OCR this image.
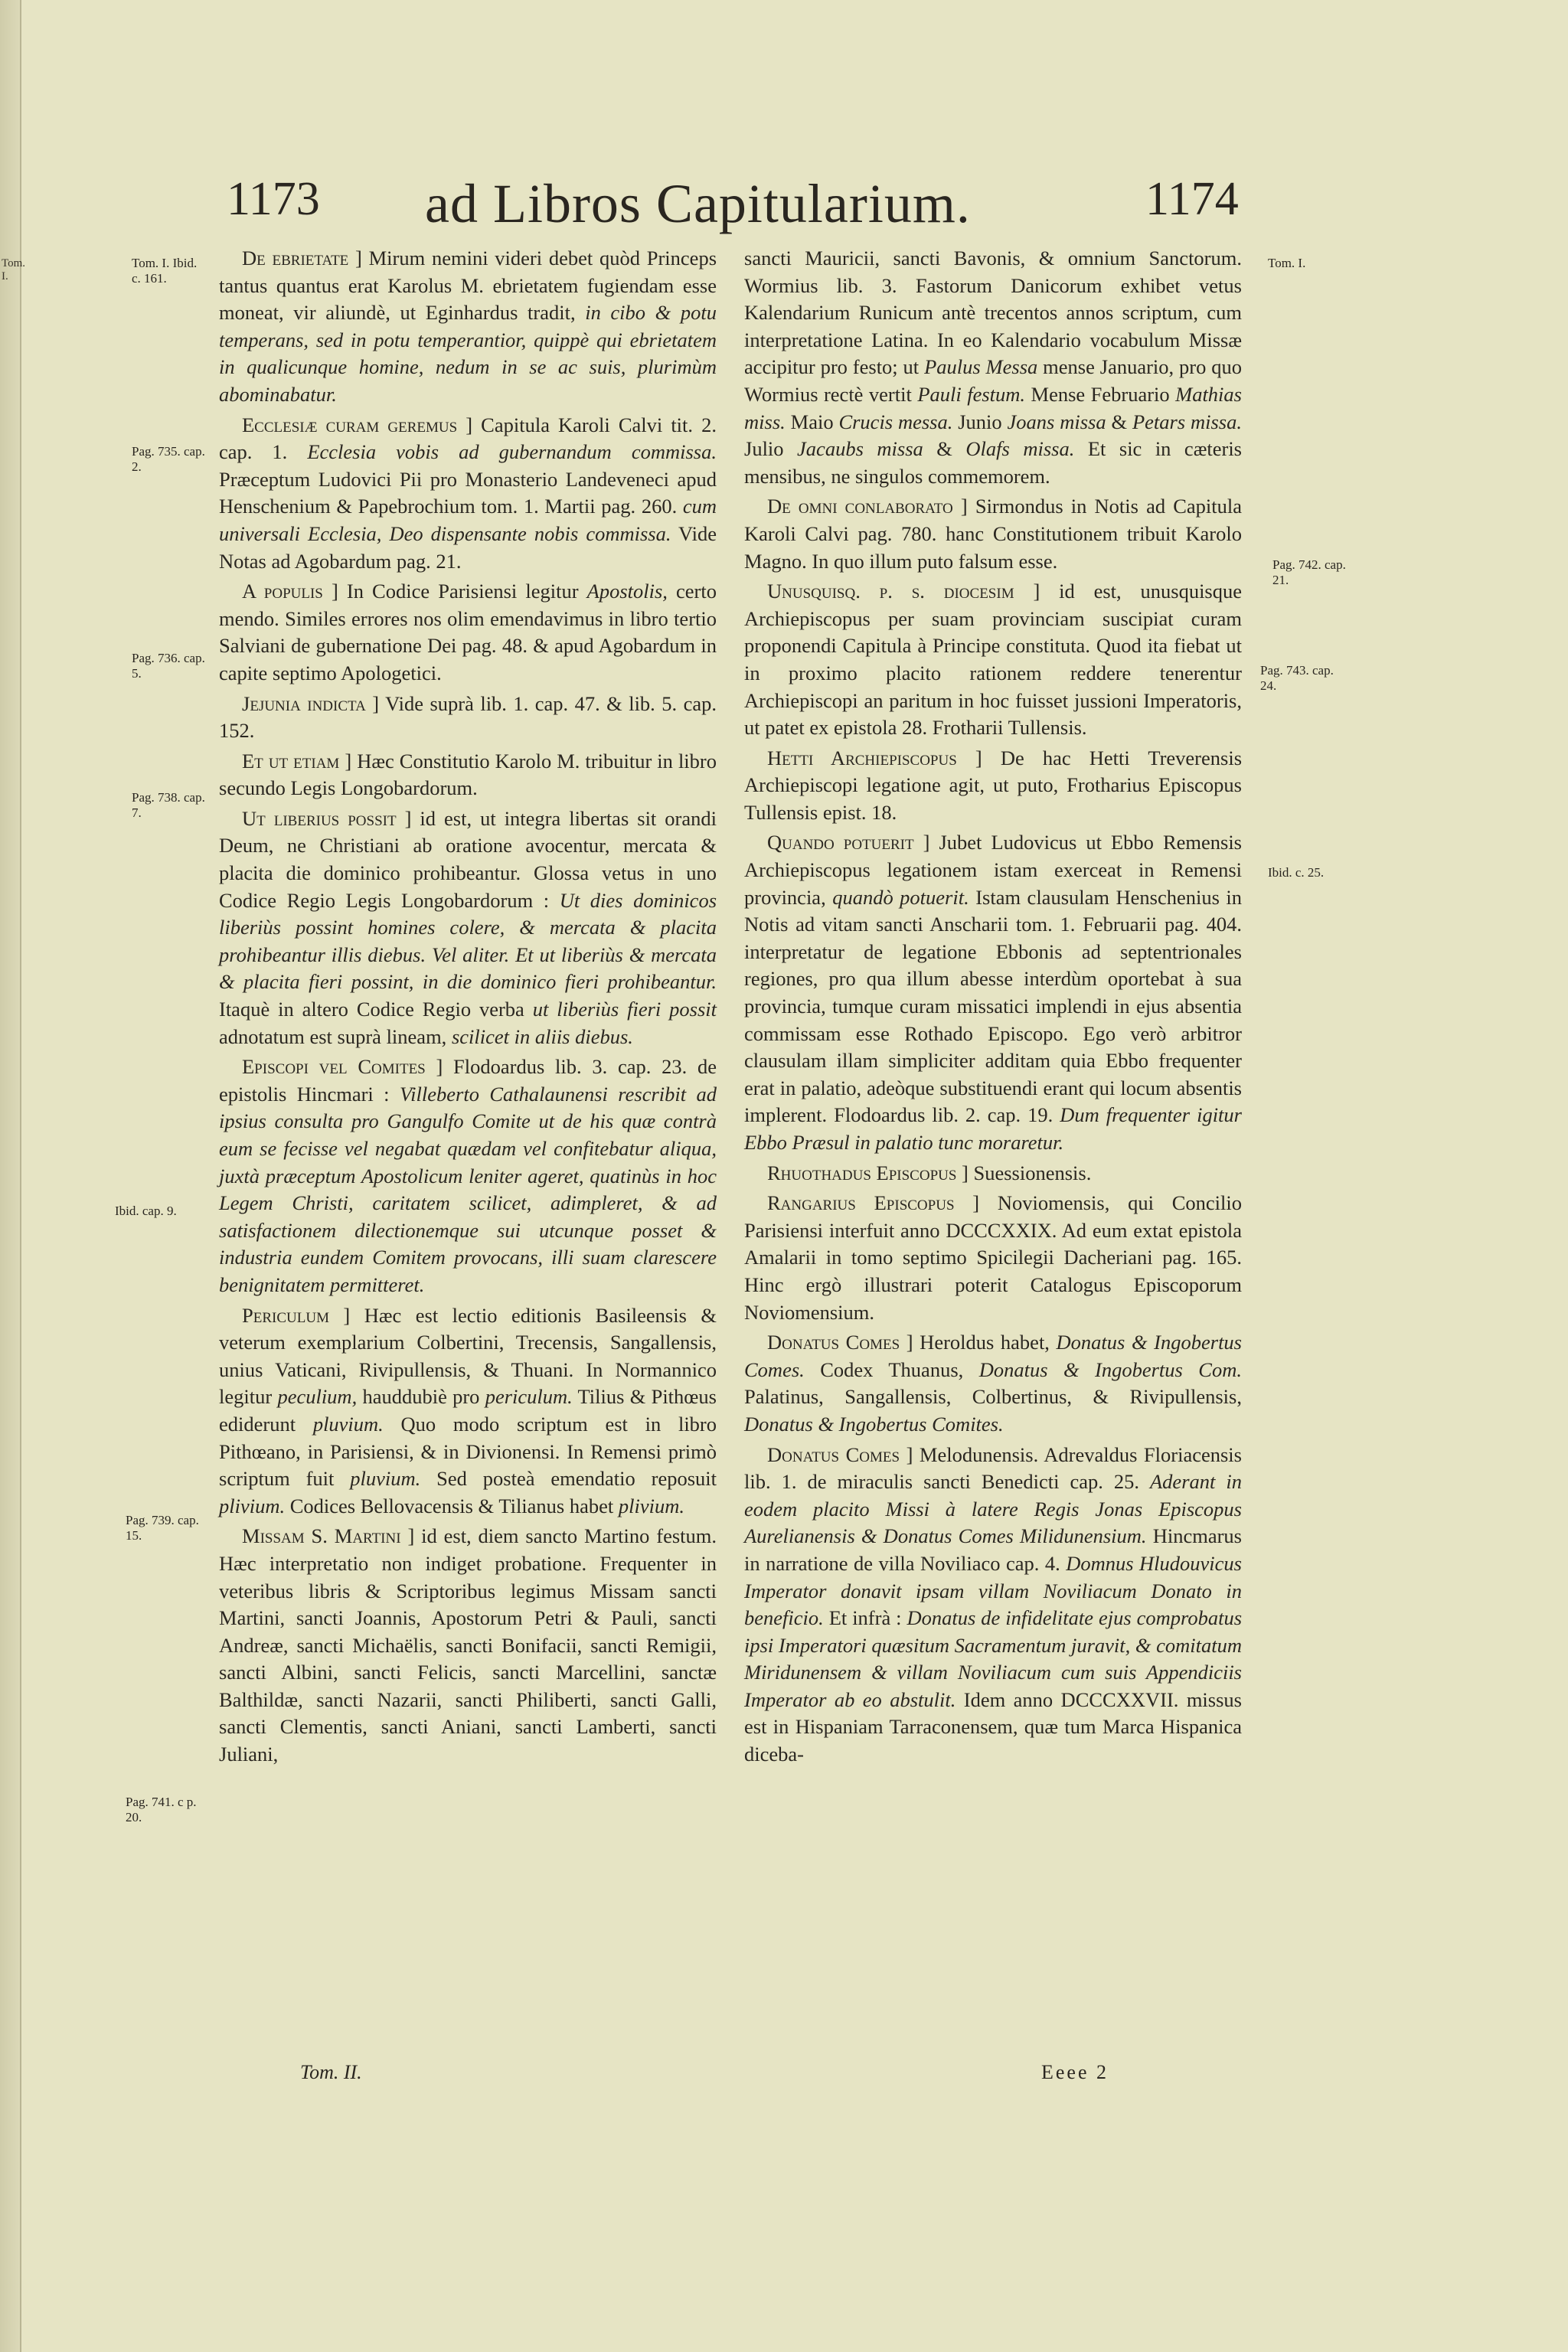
Tom. I.
1173 ad Libros Capitularium.	1174
Tom. I. Ibid. c. 161.
Pag. 735. cap. 2.
Pag. 736. cap. 5.
Pag. 738. cap. 7.
Ibid. cap. 9.
Pag. 739. cap. 15.
Pag. 741. c p. 20.
Tom. I.
Pag. 742. cap. 21.
Pag. 743. cap. 24.
Ibid. c. 25.

De ebrietate ] Mirum nemini videri debet quòd Princeps tantus quantus erat Karolus M. ebrietatem fugiendam esse moneat, vir aliundè, ut Eginhardus tradit, in cibo & potu temperans, sed in potu temperantior, quippè qui ebrietatem in qualicunque homine, nedum in se ac suis, plurimùm abominabatur.

Ecclesiæ curam geremus ] Capitula Karoli Calvi tit. 2. cap. 1. Ecclesia vobis ad gubernandum commissa. Præceptum Ludovici Pii pro Monasterio Landeveneci apud Henschenium & Papebrochium tom. 1. Martii pag. 260. cum universali Ecclesia, Deo dispensante nobis commissa. Vide Notas ad Agobardum pag. 21.

A populis ] In Codice Parisiensi legitur Apostolis, certo mendo. Similes errores nos olim emendavimus in libro tertio Salviani de gubernatione Dei pag. 48. & apud Agobardum in capite septimo Apologetici.

Jejunia indicta ] Vide suprà lib. 1. cap. 47. & lib. 5. cap. 152.

Et ut etiam ] Hæc Constitutio Karolo M. tribuitur in libro secundo Legis Longobardorum.

Ut liberius possit ] id est, ut integra libertas sit orandi Deum, ne Christiani ab oratione avocentur, mercata & placita die dominico prohibeantur. Glossa vetus in uno Codice Regio Legis Longobardorum : Ut dies dominicos liberiùs possint homines colere, & mercata & placita prohibeantur illis diebus. Vel aliter. Et ut liberiùs & mercata & placita fieri possint, in die dominico fieri prohibeantur. Itaquè in altero Codice Regio verba ut liberiùs fieri possit adnotatum est suprà lineam, scilicet in aliis diebus.

Episcopi vel Comites ] Flodoardus lib. 3. cap. 23. de epistolis Hincmari : Villeberto Cathalaunensi rescribit ad ipsius consulta pro Gangulfo Comite ut de his quæ contrà eum se fecisse vel negabat quædam vel confitebatur aliqua, juxtà præceptum Apostolicum leniter ageret, quatinùs in hoc Legem Christi, caritatem scilicet, adimpleret, & ad satisfactionem dilectionemque sui utcunque posset & industria eundem Comitem provocans, illi suam clarescere benignitatem permitteret.

Periculum ] Hæc est lectio editionis Basileensis & veterum exemplarium Colbertini, Trecensis, Sangallensis, unius Vaticani, Rivipullensis, & Thuani. In Normannico legitur peculium, hauddubiè pro periculum. Tilius & Pithœus ediderunt pluvium. Quo modo scriptum est in libro Pithœano, in Parisiensi, & in Divionensi. In Remensi primò scriptum fuit pluvium. Sed posteà emendatio reposuit plivium. Codices Bellovacensis & Tilianus habet plivium.

Missam S. Martini ] id est, diem sancto Martino festum. Hæc interpretatio non indiget probatione. Frequenter in veteribus libris & Scriptoribus legimus Missam sancti Martini, sancti Joannis, Apostorum Petri & Pauli, sancti Andreæ, sancti Michaëlis, sancti Bonifacii, sancti Remigii, sancti Albini, sancti Felicis, sancti Marcellini, sanctæ Balthildæ, sancti Nazarii, sancti Philiberti, sancti Galli, sancti Clementis, sancti Aniani, sancti Lamberti, sancti Juliani,

sancti Mauricii, sancti Bavonis, & omnium Sanctorum. Wormius lib. 3. Fastorum Danicorum exhibet vetus Kalendarium Runicum antè trecentos annos scriptum, cum interpretatione Latina. In eo Kalendario vocabulum Missæ accipitur pro festo; ut Paulus Messa mense Januario, pro quo Wormius rectè vertit Pauli festum. Mense Februario Mathias miss. Maio Crucis messa. Junio Joans missa & Petars missa. Julio Jacaubs missa & Olafs missa. Et sic in cæteris mensibus, ne singulos commemorem.

De omni conlaborato ] Sirmondus in Notis ad Capitula Karoli Calvi pag. 780. hanc Constitutionem tribuit Karolo Magno. In quo illum puto falsum esse.

Unusquisq. p. s. diocesim ] id est, unusquisque Archiepiscopus per suam provinciam suscipiat curam proponendi Capitula à Principe constituta. Quod ita fiebat ut in proximo placito rationem reddere tenerentur Archiepiscopi an paritum in hoc fuisset jussioni Imperatoris, ut patet ex epistola 28. Frotharii Tullensis.

Hetti Archiepiscopus ] De hac Hetti Treverensis Archiepiscopi legatione agit, ut puto, Frotharius Episcopus Tullensis epist. 18.

Quando potuerit ] Jubet Ludovicus ut Ebbo Remensis Archiepiscopus legationem istam exerceat in Remensi provincia, quandò potuerit. Istam clausulam Henschenius in Notis ad vitam sancti Anscharii tom. 1. Februarii pag. 404. interpretatur de legatione Ebbonis ad septentrionales regiones, pro qua illum abesse interdùm oportebat à sua provincia, tumque curam missatici implendi in ejus absentia commissam esse Rothado Episcopo. Ego verò arbitror clausulam illam simpliciter additam quia Ebbo frequenter erat in palatio, adeòque substituendi erant qui locum absentis implerent. Flodoardus lib. 2. cap. 19. Dum frequenter igitur Ebbo Præsul in palatio tunc moraretur.

Rhuothadus Episcopus ] Suessionensis.

Rangarius Episcopus ] Noviomensis, qui Concilio Parisiensi interfuit anno DCCCXXIX. Ad eum extat epistola Amalarii in tomo septimo Spicilegii Dacheriani pag. 165. Hinc ergò illustrari poterit Catalogus Episcoporum Noviomensium.

Donatus Comes ] Heroldus habet, Donatus & Ingobertus Comes. Codex Thuanus, Donatus & Ingobertus Com. Palatinus, Sangallensis, Colbertinus, & Rivipullensis, Donatus & Ingobertus Comites.

Donatus Comes ] Melodunensis. Adrevaldus Floriacensis lib. 1. de miraculis sancti Benedicti cap. 25. Aderant in eodem placito Missi à latere Regis Jonas Episcopus Aurelianensis & Donatus Comes Milidunensium. Hincmarus in narratione de villa Noviliaco cap. 4. Domnus Hludouvicus Imperator donavit ipsam villam Noviliacum Donato in beneficio. Et infrà : Donatus de infidelitate ejus comprobatus ipsi Imperatori quæsitum Sacramentum juravit, & comitatum Miridunensem & villam Noviliacum cum suis Appendiciis Imperator ab eo abstulit. Idem anno DCCCXXVII. missus est in Hispaniam Tarraconensem, quæ tum Marca Hispanica diceba-

Tom. II.	Eeee 2
